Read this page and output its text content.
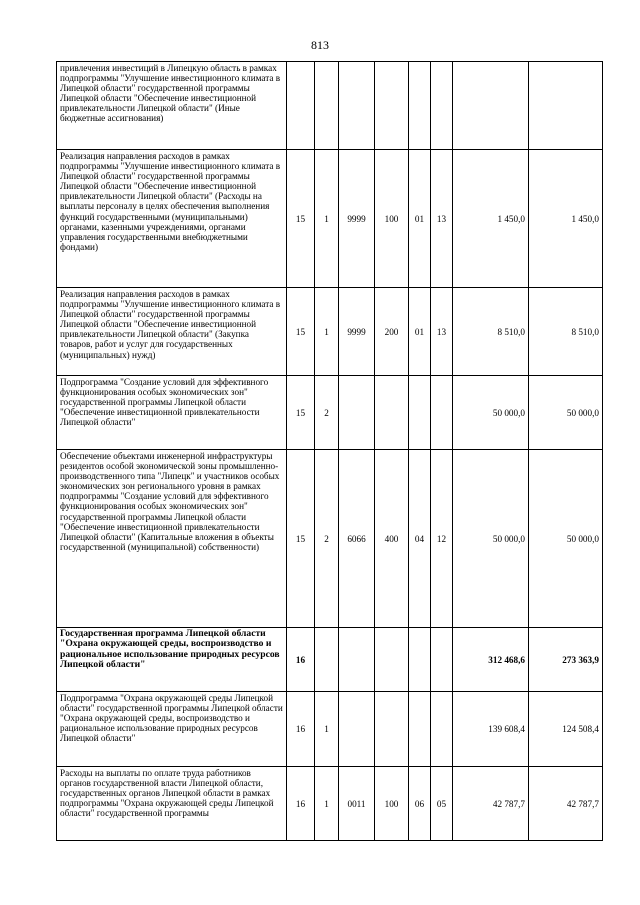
813
привлечения инвестиций в Липецкую область в рамках подпрограммы "Улучшение инвестиционного климата в Липецкой области" государственной программы Липецкой области "Обеспечение инвестиционной привлекательности Липецкой области" (Иные бюджетные ассигнования)								
Реализация направления расходов в рамках подпрограммы "Улучшение инвестиционного климата в Липецкой области" государственной программы Липецкой области "Обеспечение инвестиционной привлекательности Липецкой области" (Расходы на выплаты персоналу в целях обеспечения выполнения функций государственными (муниципальными) органами, казенными учреждениями, органами управления государственными внебюджетными фондами)	15	1	9999	100	01	13	1 450,0	1 450,0
Реализация направления расходов в рамках подпрограммы "Улучшение инвестиционного климата в Липецкой области" государственной программы Липецкой области "Обеспечение инвестиционной привлекательности Липецкой области" (Закупка товаров, работ и услуг для государственных (муниципальных) нужд)	15	1	9999	200	01	13	8 510,0	8 510,0
Подпрограмма "Создание условий для эффективного функционирования особых экономических зон" государственной программы Липецкой области "Обеспечение инвестиционной привлекательности Липецкой области"	15	2					50 000,0	50 000,0
Обеспечение объектами инженерной инфраструктуры резидентов особой экономической зоны промышленно-производственного типа "Липецк" и участников особых экономических зон регионального уровня в рамках подпрограммы "Создание условий для эффективного функционирования особых экономических зон" государственной программы Липецкой области "Обеспечение инвестиционной привлекательности Липецкой области" (Капитальные вложения в объекты государственной (муниципальной) собственности)	15	2	6066	400	04	12	50 000,0	50 000,0
Государственная программа Липецкой области "Охрана окружающей среды, воспроизводство и рациональное использование природных ресурсов Липецкой области"	16						312 468,6	273 363,9
Подпрограмма "Охрана окружающей среды Липецкой области" государственной программы Липецкой области "Охрана окружающей среды, воспроизводство и рациональное использование природных ресурсов Липецкой области"	16	1					139 608,4	124 508,4
Расходы на выплаты по оплате труда работников органов государственной власти Липецкой области, государственных органов Липецкой области в рамках подпрограммы "Охрана окружающей среды Липецкой области" государственной программы	16	1	0011	100	06	05	42 787,7	42 787,7
